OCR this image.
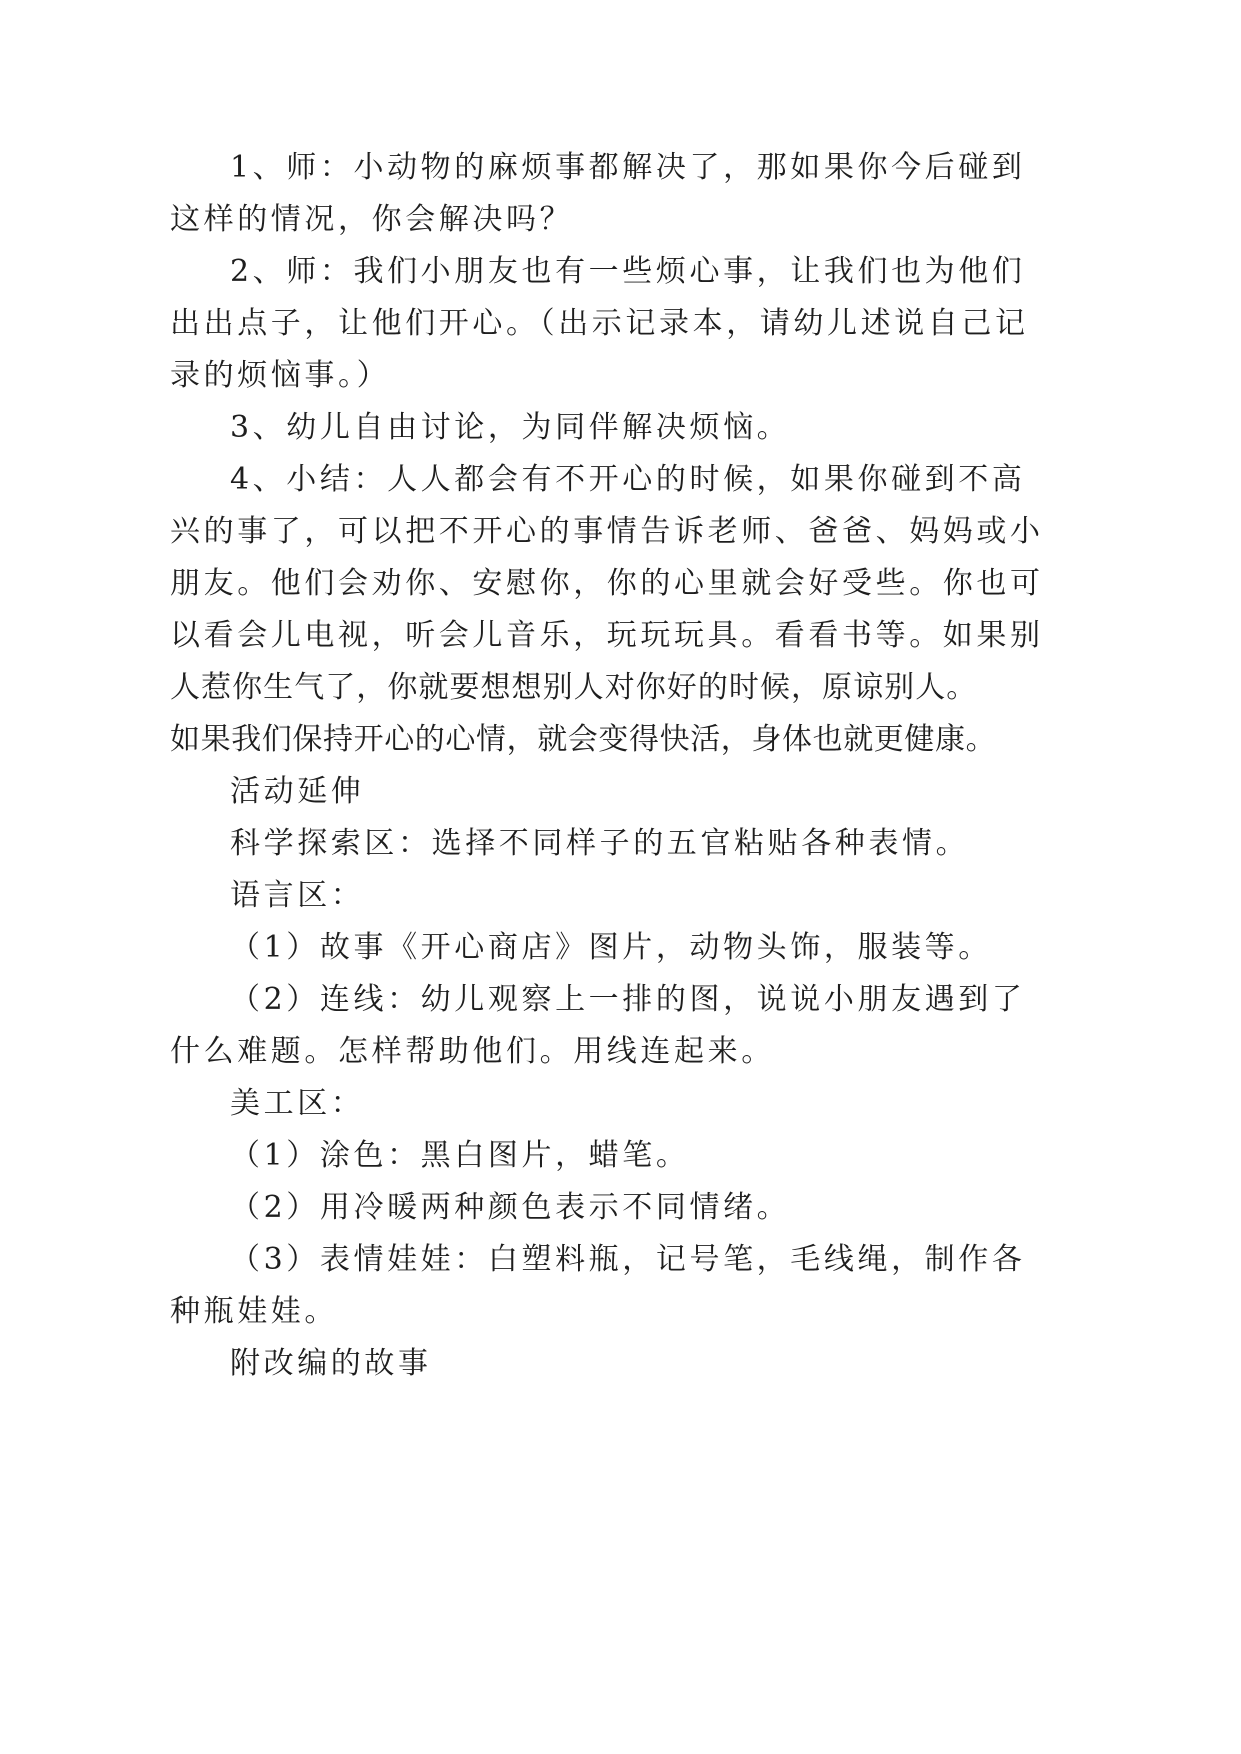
1、师：小动物的麻烦事都解决了，那如果你今后碰到
这样的情况，你会解决吗？
2、师：我们小朋友也有一些烦心事，让我们也为他们
出出点子，让他们开心。（出示记录本，请幼儿述说自己记
录的烦恼事。）
3、幼儿自由讨论，为同伴解决烦恼。
4、小结：人人都会有不开心的时候，如果你碰到不高
兴的事了，可以把不开心的事情告诉老师、爸爸、妈妈或小
朋友。他们会劝你、安慰你，你的心里就会好受些。你也可
以看会儿电视，听会儿音乐，玩玩玩具。看看书等。如果别
人惹你生气了，你就要想想别人对你好的时候，原谅别人。
如果我们保持开心的心情，就会变得快活，身体也就更健康。
活动延伸
科学探索区：选择不同样子的五官粘贴各种表情。
语言区：
（1）故事《开心商店》图片，动物头饰，服装等。
（2）连线：幼儿观察上一排的图，说说小朋友遇到了
什么难题。怎样帮助他们。用线连起来。
美工区：
（1）涂色：黑白图片，蜡笔。
（2）用冷暖两种颜色表示不同情绪。
（3）表情娃娃：白塑料瓶，记号笔，毛线绳，制作各
种瓶娃娃。
附改编的故事
